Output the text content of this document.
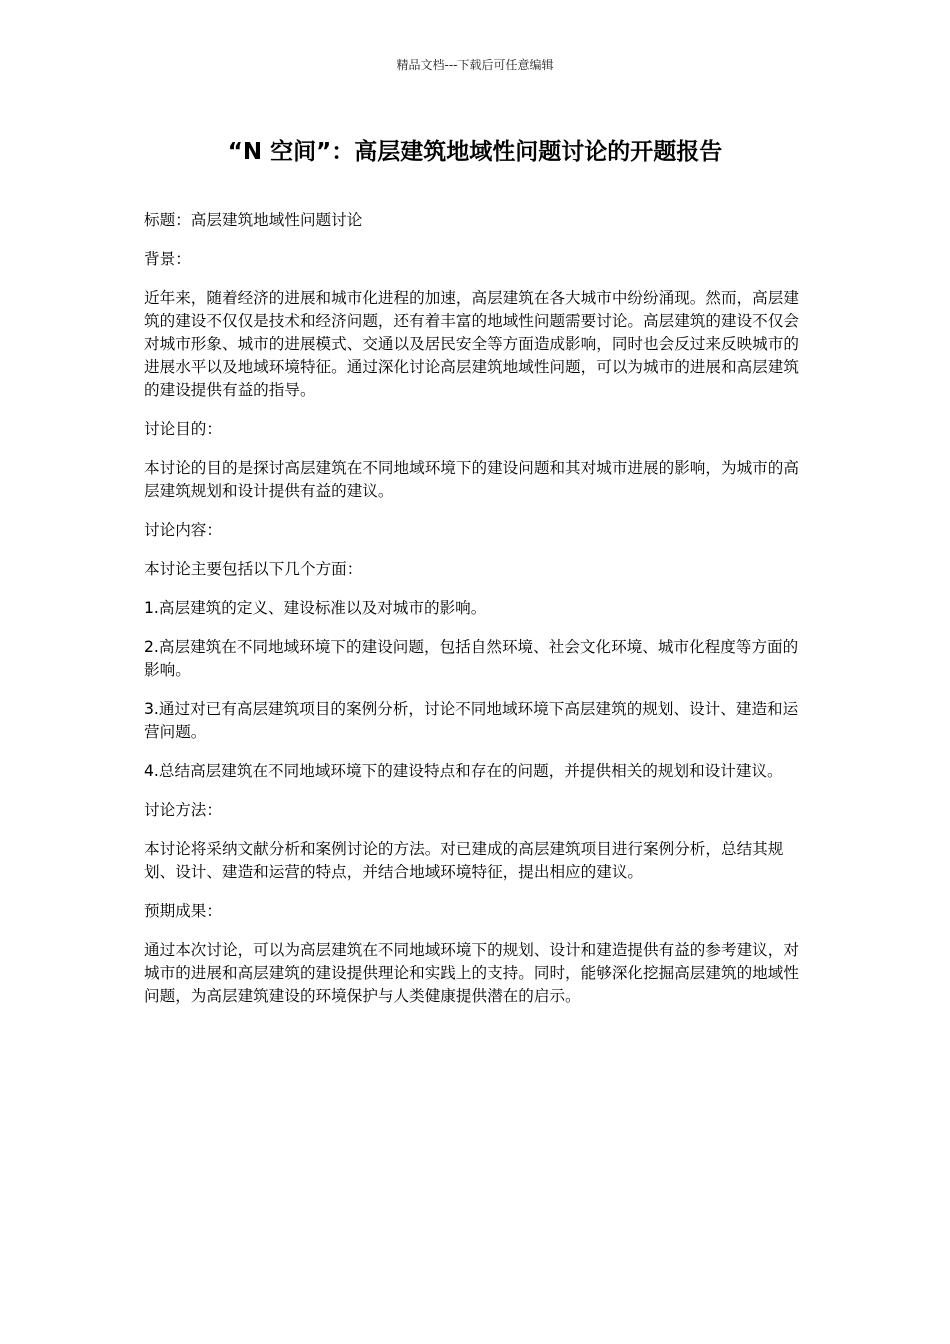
精品文档---下载后可任意编辑
“N 空间”：高层建筑地域性问题讨论的开题报告

标题：高层建筑地域性问题讨论

背景：

近年来，随着经济的进展和城市化进程的加速，高层建筑在各大城市中纷纷涌现。然而，高层建筑的建设不仅仅是技术和经济问题，还有着丰富的地域性问题需要讨论。高层建筑的建设不仅会对城市形象、城市的进展模式、交通以及居民安全等方面造成影响，同时也会反过来反映城市的进展水平以及地域环境特征。通过深化讨论高层建筑地域性问题，可以为城市的进展和高层建筑的建设提供有益的指导。

讨论目的：

本讨论的目的是探讨高层建筑在不同地域环境下的建设问题和其对城市进展的影响，为城市的高层建筑规划和设计提供有益的建议。

讨论内容：

本讨论主要包括以下几个方面：

1.高层建筑的定义、建设标准以及对城市的影响。

2.高层建筑在不同地域环境下的建设问题，包括自然环境、社会文化环境、城市化程度等方面的影响。

3.通过对已有高层建筑项目的案例分析，讨论不同地域环境下高层建筑的规划、设计、建造和运营问题。

4.总结高层建筑在不同地域环境下的建设特点和存在的问题，并提供相关的规划和设计建议。

讨论方法：

本讨论将采纳文献分析和案例讨论的方法。对已建成的高层建筑项目进行案例分析，总结其规划、设计、建造和运营的特点，并结合地域环境特征，提出相应的建议。

预期成果：

通过本次讨论，可以为高层建筑在不同地域环境下的规划、设计和建造提供有益的参考建议，对城市的进展和高层建筑的建设提供理论和实践上的支持。同时，能够深化挖掘高层建筑的地域性问题，为高层建筑建设的环境保护与人类健康提供潜在的启示。
